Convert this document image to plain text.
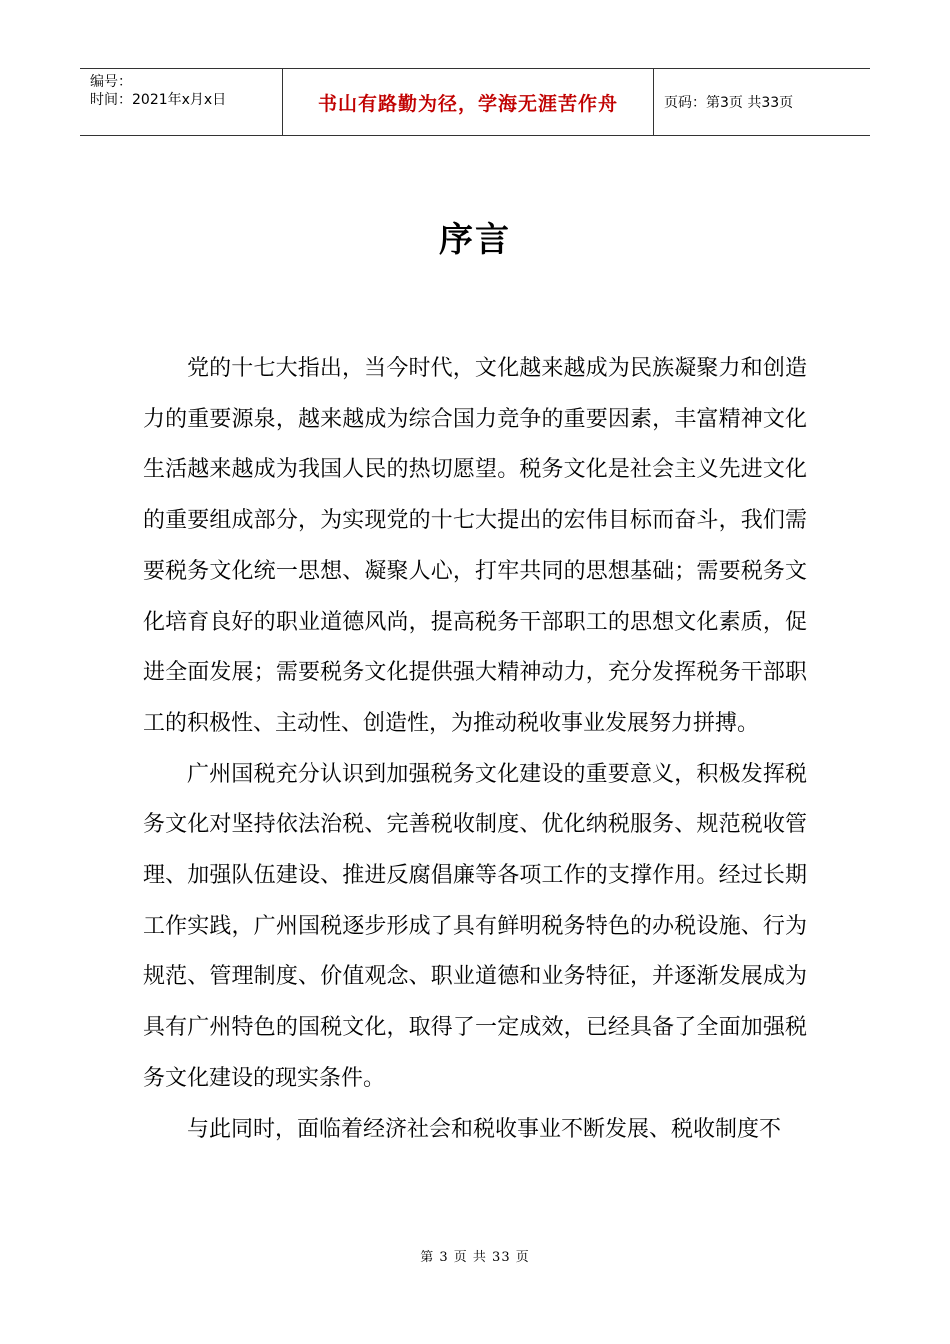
编号：
时间：2021年x月x日	书山有路勤为径，学海无涯苦作舟	页码：第3页 共33页
序言

党的十七大指出，当今时代，文化越来越成为民族凝聚力和创造力的重要源泉，越来越成为综合国力竞争的重要因素，丰富精神文化生活越来越成为我国人民的热切愿望。税务文化是社会主义先进文化的重要组成部分，为实现党的十七大提出的宏伟目标而奋斗，我们需要税务文化统一思想、凝聚人心，打牢共同的思想基础；需要税务文化培育良好的职业道德风尚，提高税务干部职工的思想文化素质，促进全面发展；需要税务文化提供强大精神动力，充分发挥税务干部职工的积极性、主动性、创造性，为推动税收事业发展努力拼搏。

广州国税充分认识到加强税务文化建设的重要意义，积极发挥税务文化对坚持依法治税、完善税收制度、优化纳税服务、规范税收管理、加强队伍建设、推进反腐倡廉等各项工作的支撑作用。经过长期工作实践，广州国税逐步形成了具有鲜明税务特色的办税设施、行为规范、管理制度、价值观念、职业道德和业务特征，并逐渐发展成为具有广州特色的国税文化，取得了一定成效，已经具备了全面加强税务文化建设的现实条件。

与此同时，面临着经济社会和税收事业不断发展、税收制度不

第 3 页 共 33 页
